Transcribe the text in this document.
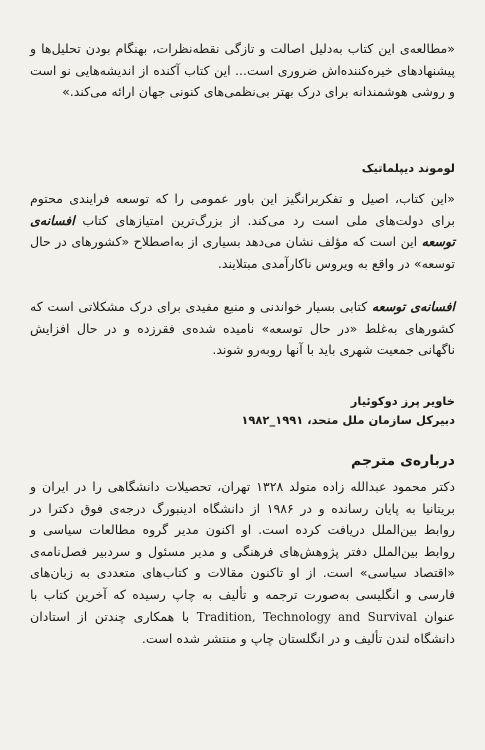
«مطالعه‌ی این کتاب به‌دلیل اصالت و تازگی نقطه‌نظرات، بهنگام بودن تحلیل‌ها و پیشنهادهای خیره‌کننده‌اش ضروری است... این کتاب آکنده از اندیشه‌هایی نو است و روشی هوشمندانه برای درک بهتر بی‌نظمی‌های کنونی جهان ارائه می‌کند.»

لوموند دیپلماتیک

«این کتاب، اصیل و تفکربرانگیز این باور عمومی را که توسعه فرایندی محتوم برای دولت‌های ملی است رد می‌کند. از بزرگ‌ترین امتیازهای کتاب افسانه‌ی توسعه این است که مؤلف نشان می‌دهد بسیاری از به‌اصطلاح «کشورهای در حال توسعه» در واقع به ویروس ناکارآمدی مبتلایند.

افسانه‌ی توسعه کتابی بسیار خواندنی و منبع مفیدی برای درک مشکلاتی است که کشورهای به‌غلط «در حال توسعه» نامیده شده‌ی فقرزده و در حال افزایش ناگهانی جمعیت شهری باید با آنها روبه‌رو شوند.

خاویر پرز دوکوئیار
دبیرکل سازمان ملل متحد، ۱۹۹۱_۱۹۸۲
درباره‌ی مترجم

دکتر محمود عبدالله زاده متولد ۱۳۲۸ تهران، تحصیلات دانشگاهی را در ایران و بریتانیا به پایان رسانده و در ۱۹۸۶ از دانشگاه ادینبورگ درجه‌ی فوق دکترا در روابط بین‌الملل دریافت کرده است. او اکنون مدیر گروه مطالعات سیاسی و روابط بین‌الملل دفتر پژوهش‌های فرهنگی و مدیر مسئول و سردبیر فصل‌نامه‌ی «اقتصاد سیاسی» است. از او تاکنون مقالات و کتاب‌های متعددی به زبان‌های فارسی و انگلیسی به‌صورت ترجمه و تألیف به چاپ رسیده که آخرین کتاب با عنوان Tradition, Technology and Survival با همکاری چندتن از استادان دانشگاه لندن تألیف و در انگلستان چاپ و منتشر شده است.
